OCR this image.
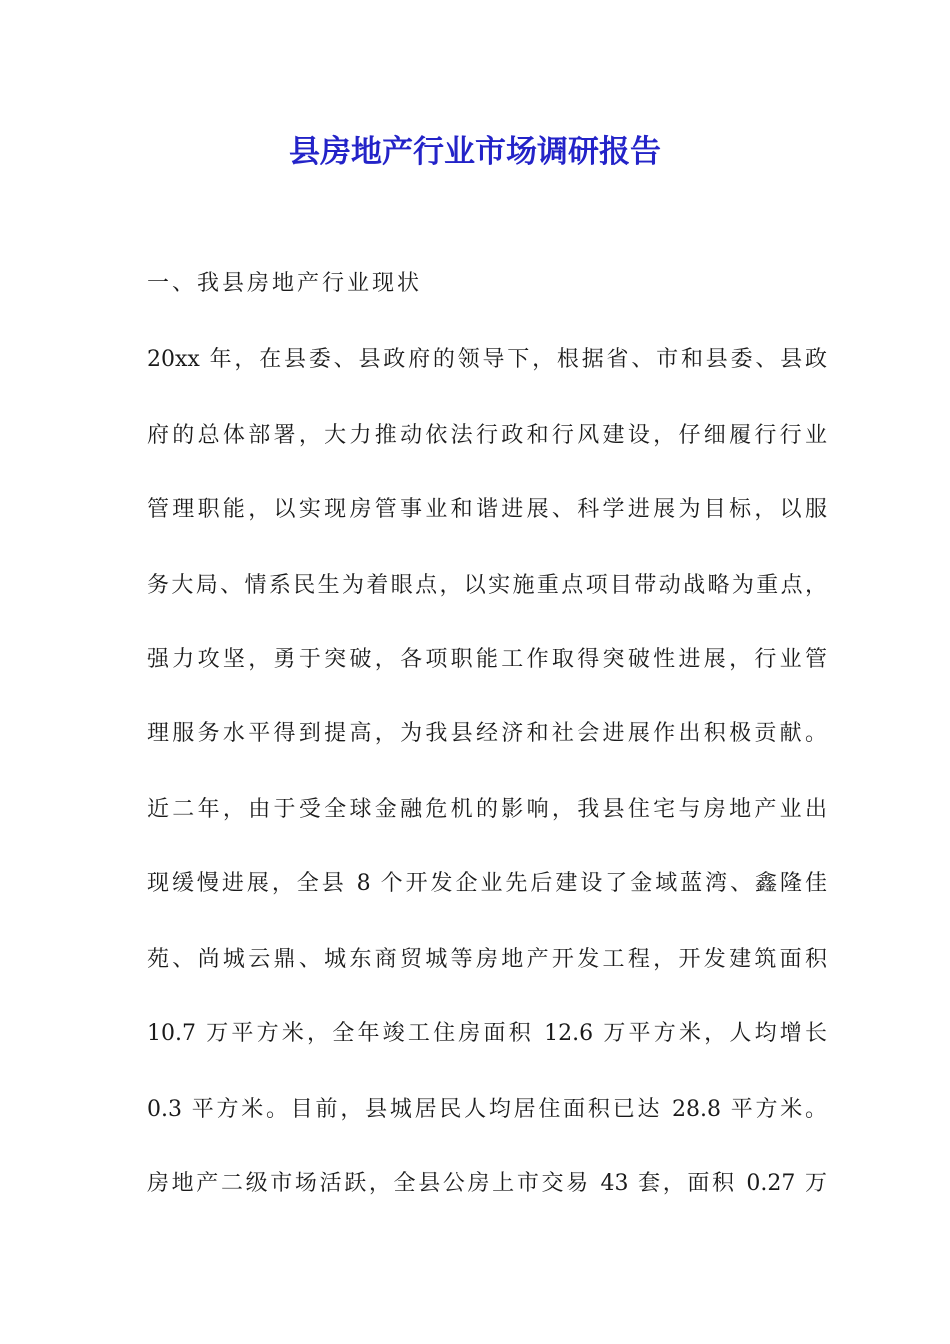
县房地产行业市场调研报告
一、我县房地产行业现状
20xx 年，在县委、县政府的领导下，根据省、市和县委、县政
府的总体部署，大力推动依法行政和行风建设，仔细履行行业
管理职能，以实现房管事业和谐进展、科学进展为目标，以服
务大局、情系民生为着眼点，以实施重点项目带动战略为重点，
强力攻坚，勇于突破，各项职能工作取得突破性进展，行业管
理服务水平得到提高，为我县经济和社会进展作出积极贡献。
近二年，由于受全球金融危机的影响，我县住宅与房地产业出
现缓慢进展，全县 8 个开发企业先后建设了金域蓝湾、鑫隆佳
苑、尚城云鼎、城东商贸城等房地产开发工程，开发建筑面积
10.7 万平方米，全年竣工住房面积 12.6 万平方米，人均增长
0.3 平方米。目前，县城居民人均居住面积已达 28.8 平方米。
房地产二级市场活跃，全县公房上市交易 43 套，面积 0.27 万
